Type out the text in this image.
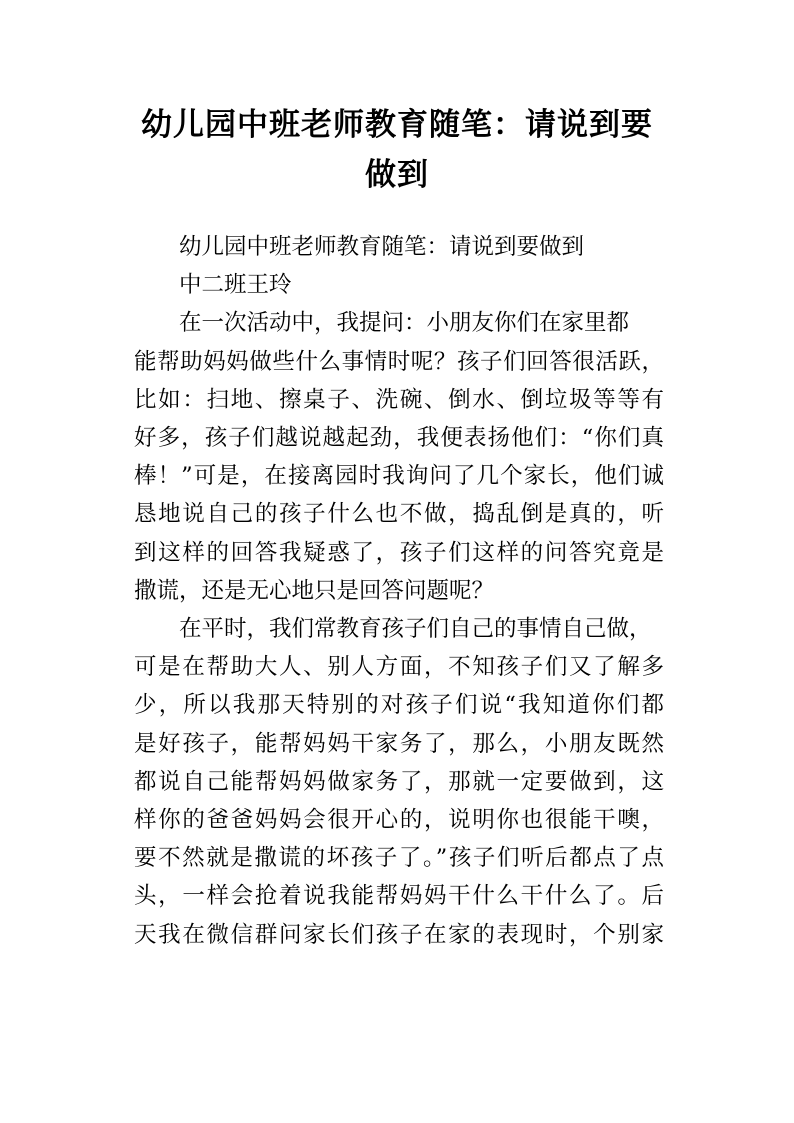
幼儿园中班老师教育随笔：请说到要
做到

幼儿园中班老师教育随笔：请说到要做到

中二班王玲

在一次活动中，我提问：小朋友你们在家里都
能帮助妈妈做些什么事情时呢？孩子们回答很活跃，
比如：扫地、擦桌子、洗碗、倒水、倒垃圾等等有
好多，孩子们越说越起劲，我便表扬他们：“你们真
棒！”可是，在接离园时我询问了几个家长，他们诚
恳地说自己的孩子什么也不做，捣乱倒是真的，听
到这样的回答我疑惑了，孩子们这样的问答究竟是
撒谎，还是无心地只是回答问题呢？

在平时，我们常教育孩子们自己的事情自己做，
可是在帮助大人、别人方面，不知孩子们又了解多
少，所以我那天特别的对孩子们说“我知道你们都
是好孩子，能帮妈妈干家务了，那么，小朋友既然
都说自己能帮妈妈做家务了，那就一定要做到，这
样你的爸爸妈妈会很开心的，说明你也很能干噢，
要不然就是撒谎的坏孩子了。”孩子们听后都点了点
头，一样会抢着说我能帮妈妈干什么干什么了。后
天我在微信群问家长们孩子在家的表现时，个别家
